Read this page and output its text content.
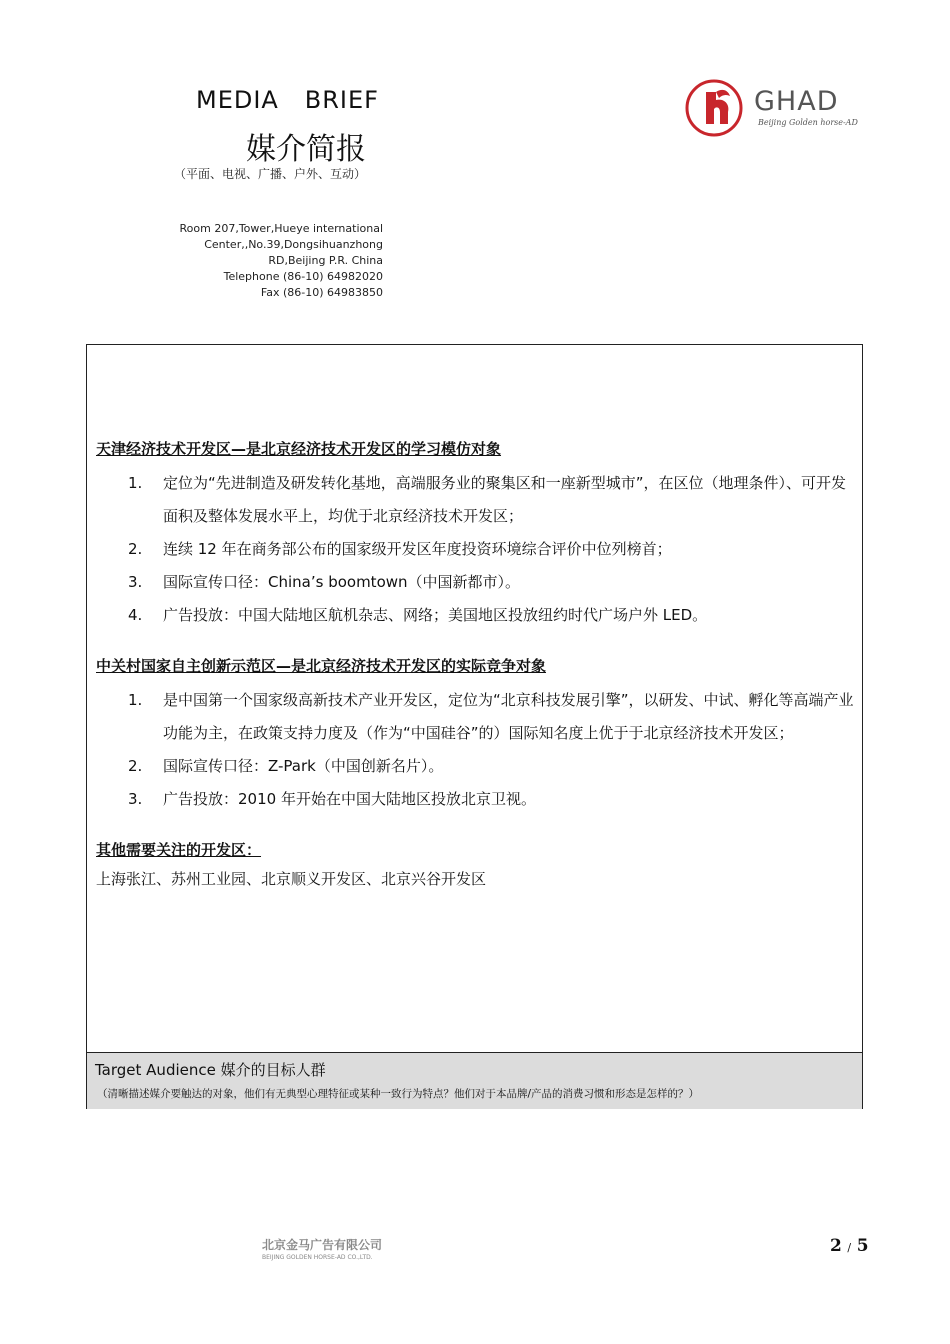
MEDIA   BRIEF
媒介简报
（平面、电视、广播、户外、互动）
Room 207,Tower,Hueye international
Center,,No.39,Dongsihuanzhong
RD,Beijing P.R. China
Telephone (86-10) 64982020
Fax (86-10) 64983850
GHAD
Beijing Golden horse-AD
天津经济技术开发区—是北京经济技术开发区的学习模仿对象
1. 定位为“先进制造及研发转化基地，高端服务业的聚集区和一座新型城市”，在区位（地理条件）、可开发面积及整体发展水平上，均优于北京经济技术开发区；
2. 连续 12 年在商务部公布的国家级开发区年度投资环境综合评价中位列榜首；
3. 国际宣传口径：China’s boomtown（中国新都市）。
4. 广告投放：中国大陆地区航机杂志、网络；美国地区投放纽约时代广场户外 LED。
中关村国家自主创新示范区—是北京经济技术开发区的实际竞争对象
1. 是中国第一个国家级高新技术产业开发区，定位为“北京科技发展引擎”，以研发、中试、孵化等高端产业功能为主，在政策支持力度及（作为“中国硅谷”的）国际知名度上优于于北京经济技术开发区；
2. 国际宣传口径：Z-Park（中国创新名片）。
3. 广告投放：2010 年开始在中国大陆地区投放北京卫视。
其他需要关注的开发区：
上海张江、苏州工业园、北京顺义开发区、北京兴谷开发区
Target Audience 媒介的目标人群
（清晰描述媒介要触达的对象，他们有无典型心理特征或某种一致行为特点？他们对于本品牌/产品的消费习惯和形态是怎样的？）
北京金马广告有限公司
BEIJING GOLDEN HORSE-AD CO.,LTD.
2 / 5
